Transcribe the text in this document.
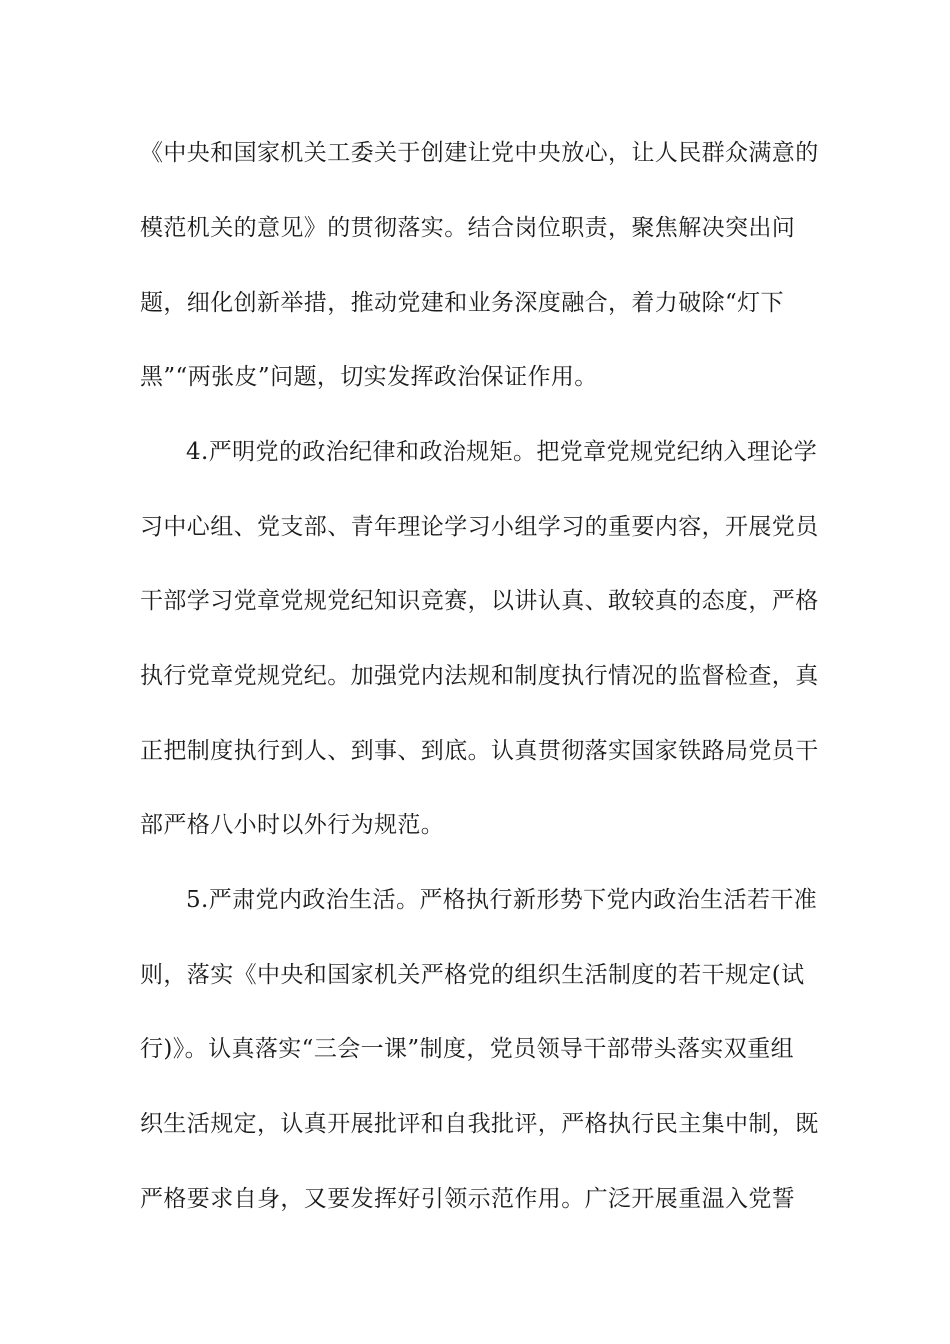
《中央和国家机关工委关于创建让党中央放心，让人民群众满意的
模范机关的意见》的贯彻落实。结合岗位职责，聚焦解决突出问
题，细化创新举措，推动党建和业务深度融合，着力破除“灯下
黑”“两张皮”问题，切实发挥政治保证作用。
4.严明党的政治纪律和政治规矩。把党章党规党纪纳入理论学
习中心组、党支部、青年理论学习小组学习的重要内容，开展党员
干部学习党章党规党纪知识竞赛，以讲认真、敢较真的态度，严格
执行党章党规党纪。加强党内法规和制度执行情况的监督检查，真
正把制度执行到人、到事、到底。认真贯彻落实国家铁路局党员干
部严格八小时以外行为规范。
5.严肃党内政治生活。严格执行新形势下党内政治生活若干准
则，落实《中央和国家机关严格党的组织生活制度的若干规定(试
行)》。认真落实“三会一课”制度，党员领导干部带头落实双重组
织生活规定，认真开展批评和自我批评，严格执行民主集中制，既
严格要求自身，又要发挥好引领示范作用。广泛开展重温入党誓
